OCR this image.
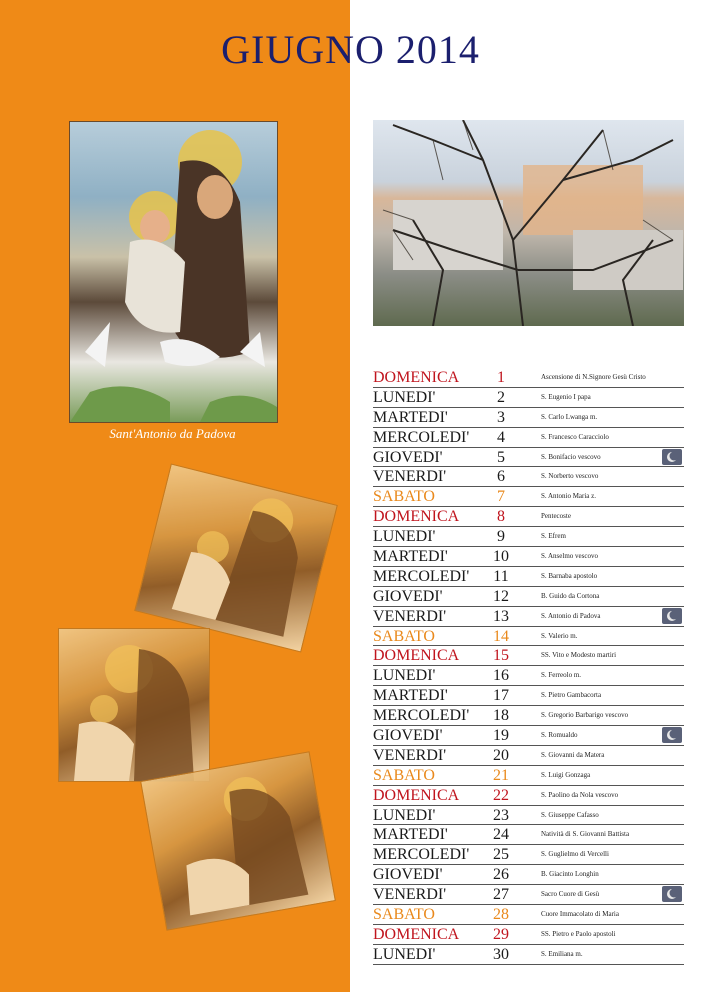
GIUGNO 2014
Sant'Antonio da Padova
DOMENICA	1	Ascensione di N.Signore Gesù Cristo
LUNEDI'	2	S. Eugenio I papa
MARTEDI'	3	S. Carlo Lwanga m.
MERCOLEDI'	4	S. Francesco Caracciolo
GIOVEDI'	5	S. Bonifacio vescovo
VENERDI'	6	S. Norberto vescovo
SABATO	7	S. Antonio Maria z.
DOMENICA	8	Pentecoste
LUNEDI'	9	S. Efrem
MARTEDI'	10	S. Anselmo vescovo
MERCOLEDI'	11	S. Barnaba apostolo
GIOVEDI'	12	B. Guido da Cortona
VENERDI'	13	S. Antonio di Padova
SABATO	14	S. Valerio m.
DOMENICA	15	SS. Vito e Modesto martiri
LUNEDI'	16	S. Ferreolo m.
MARTEDI'	17	S. Pietro Gambacorta
MERCOLEDI'	18	S. Gregorio Barbarigo vescovo
GIOVEDI'	19	S. Romualdo
VENERDI'	20	S. Giovanni da Matera
SABATO	21	S. Luigi Gonzaga
DOMENICA	22	S. Paolino da Nola vescovo
LUNEDI'	23	S. Giuseppe Cafasso
MARTEDI'	24	Natività di S. Giovanni Battista
MERCOLEDI'	25	S. Guglielmo di Vercelli
GIOVEDI'	26	B. Giacinto Longhin
VENERDI'	27	Sacro Cuore di Gesù
SABATO	28	Cuore Immacolato di Maria
DOMENICA	29	SS. Pietro e Paolo apostoli
LUNEDI'	30	S. Emiliana m.
